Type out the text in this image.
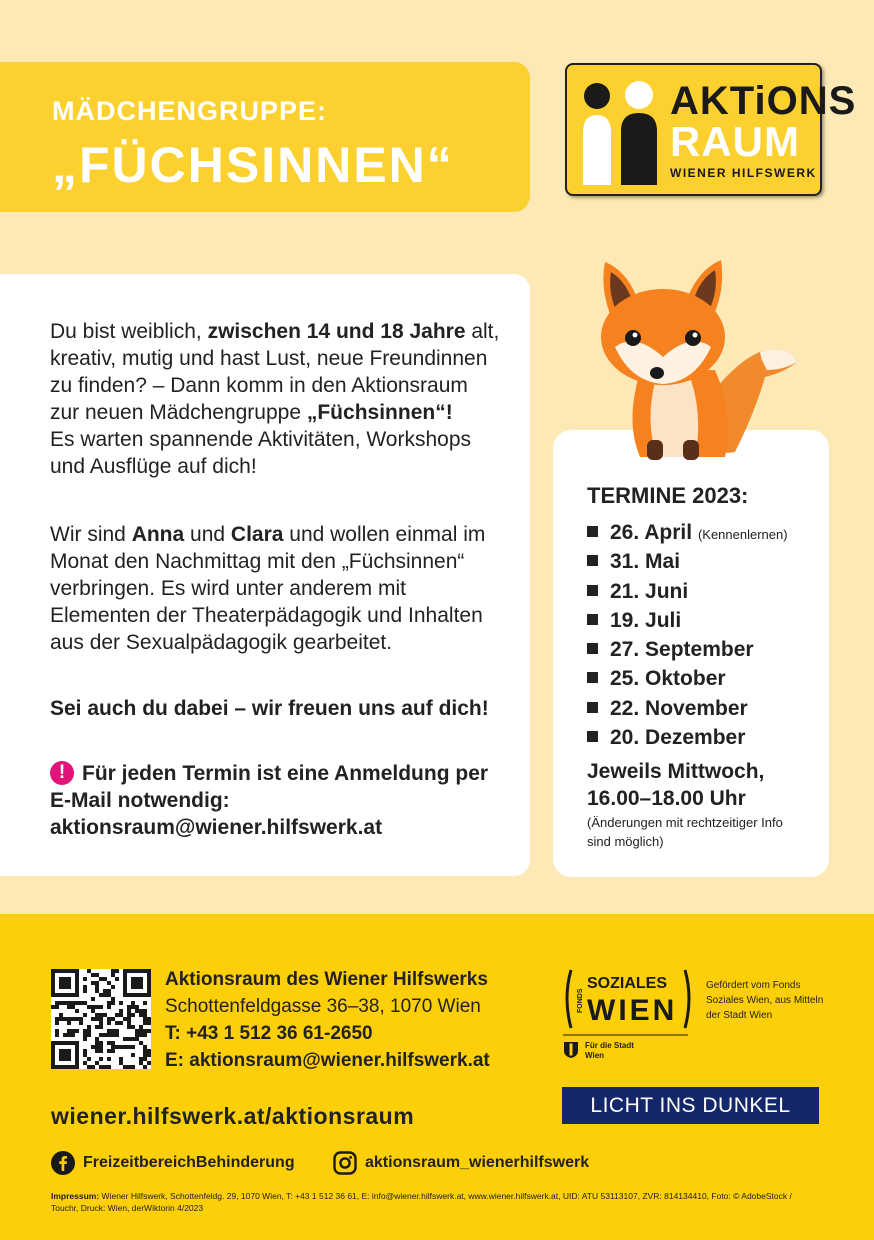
MÄDCHENGRUPPE:
„FÜCHSINNEN“
AKTiONS
RAUM
WIENER HILFSWERK
Du bist weiblich, zwischen 14 und 18 Jahre alt, kreativ, mutig und hast Lust, neue Freundinnen zu finden? – Dann komm in den Aktionsraum zur neuen Mädchengruppe „Füchsinnen“!
Es warten spannende Aktivitäten, Workshops und Ausflüge auf dich!
Wir sind Anna und Clara und wollen einmal im Monat den Nachmittag mit den „Füchsinnen“ verbringen. Es wird unter anderem mit Elementen der Theaterpädagogik und Inhalten aus der Sexualpädagogik gearbeitet.
Sei auch du dabei – wir freuen uns auf dich!
! Für jeden Termin ist eine Anmeldung per E-Mail notwendig: aktionsraum@wiener.hilfswerk.at
TERMINE 2023:
26. April (Kennenlernen)
31. Mai
21. Juni
19. Juli
27. September
25. Oktober
22. November
20. Dezember
Jeweils Mittwoch, 16.00–18.00 Uhr
(Änderungen mit rechtzeitiger Info sind möglich)
Aktionsraum des Wiener Hilfswerks
Schottenfeldgasse 36–38, 1070 Wien
T: +43 1 512 36 61-2650
E: aktionsraum@wiener.hilfswerk.at
wiener.hilfswerk.at/aktionsraum
FreizeitbereichBehinderung	aktionsraum_wienerhilfswerk
Impressum: Wiener Hilfswerk, Schottenfeldg. 29, 1070 Wien, T: +43 1 512 36 61, E: info@wiener.hilfswerk.at, www.wiener.hilfswerk.at, UID: ATU 53113107, ZVR: 814134410, Foto: © AdobeStock / Touchr, Druck: Wien, derWiktorin 4/2023
FONDS
SOZIALES
WIEN
Gefördert vom Fonds Soziales Wien, aus Mitteln der Stadt Wien
Für die Stadt Wien
LICHT INS DUNKEL
